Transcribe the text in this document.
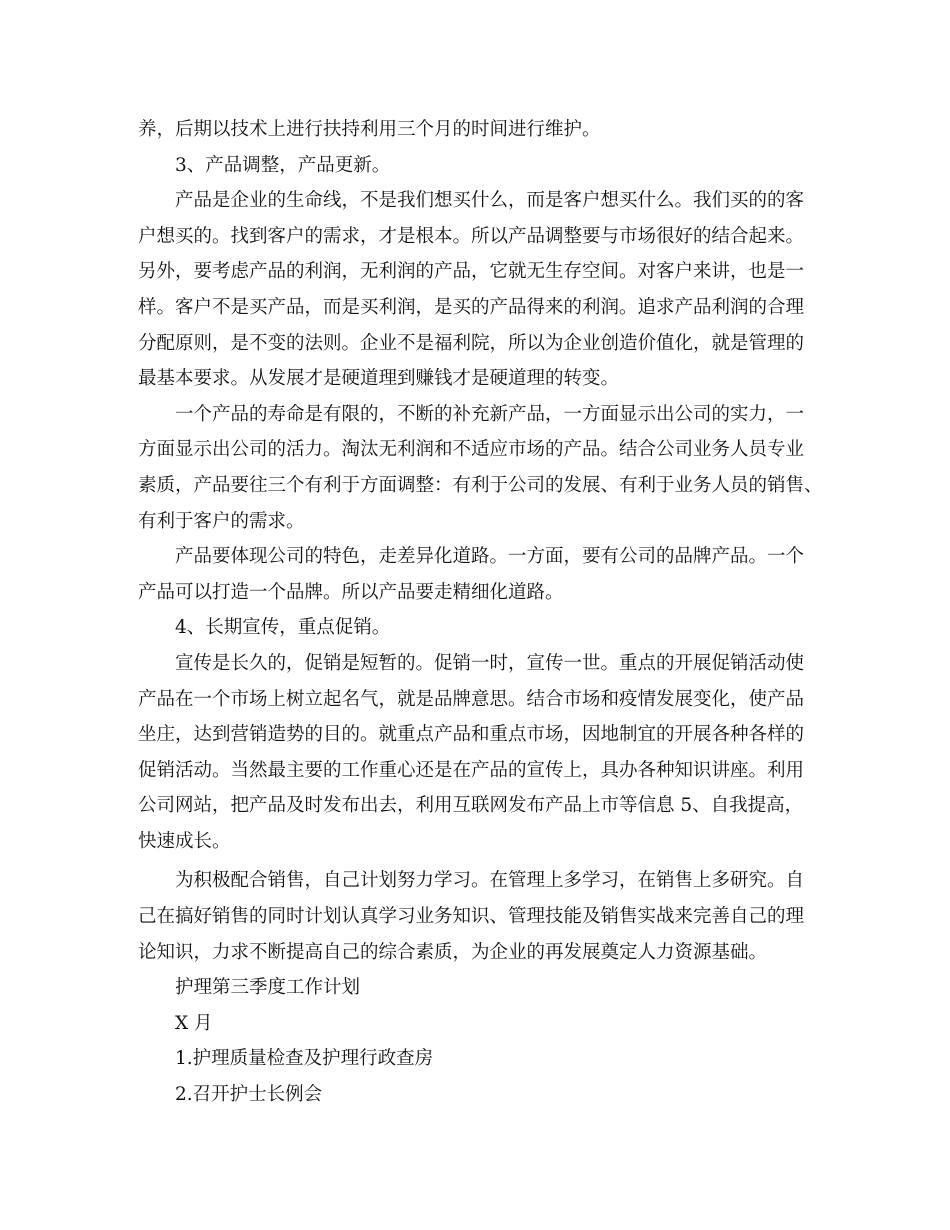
养，后期以技术上进行扶持利用三个月的时间进行维护。

3、产品调整，产品更新。

产品是企业的生命线，不是我们想买什么，而是客户想买什么。我们买的的客
户想买的。找到客户的需求，才是根本。所以产品调整要与市场很好的结合起来。
另外，要考虑产品的利润，无利润的产品，它就无生存空间。对客户来讲，也是一
样。客户不是买产品，而是买利润，是买的产品得来的利润。追求产品利润的合理
分配原则，是不变的法则。企业不是福利院，所以为企业创造价值化，就是管理的
最基本要求。从发展才是硬道理到赚钱才是硬道理的转变。

一个产品的寿命是有限的，不断的补充新产品，一方面显示出公司的实力，一
方面显示出公司的活力。淘汰无利润和不适应市场的产品。结合公司业务人员专业
素质，产品要往三个有利于方面调整：有利于公司的发展、有利于业务人员的销售、
有利于客户的需求。

产品要体现公司的特色，走差异化道路。一方面，要有公司的品牌产品。一个
产品可以打造一个品牌。所以产品要走精细化道路。

4、长期宣传，重点促销。

宣传是长久的，促销是短暂的。促销一时，宣传一世。重点的开展促销活动使
产品在一个市场上树立起名气，就是品牌意思。结合市场和疫情发展变化，使产品
坐庄，达到营销造势的目的。就重点产品和重点市场，因地制宜的开展各种各样的
促销活动。当然最主要的工作重心还是在产品的宣传上，具办各种知识讲座。利用
公司网站，把产品及时发布出去，利用互联网发布产品上市等信息 5、自我提高，
快速成长。

为积极配合销售，自己计划努力学习。在管理上多学习，在销售上多研究。自
己在搞好销售的同时计划认真学习业务知识、管理技能及销售实战来完善自己的理
论知识，力求不断提高自己的综合素质，为企业的再发展奠定人力资源基础。

护理第三季度工作计划

X 月

1.护理质量检查及护理行政查房

2.召开护士长例会
